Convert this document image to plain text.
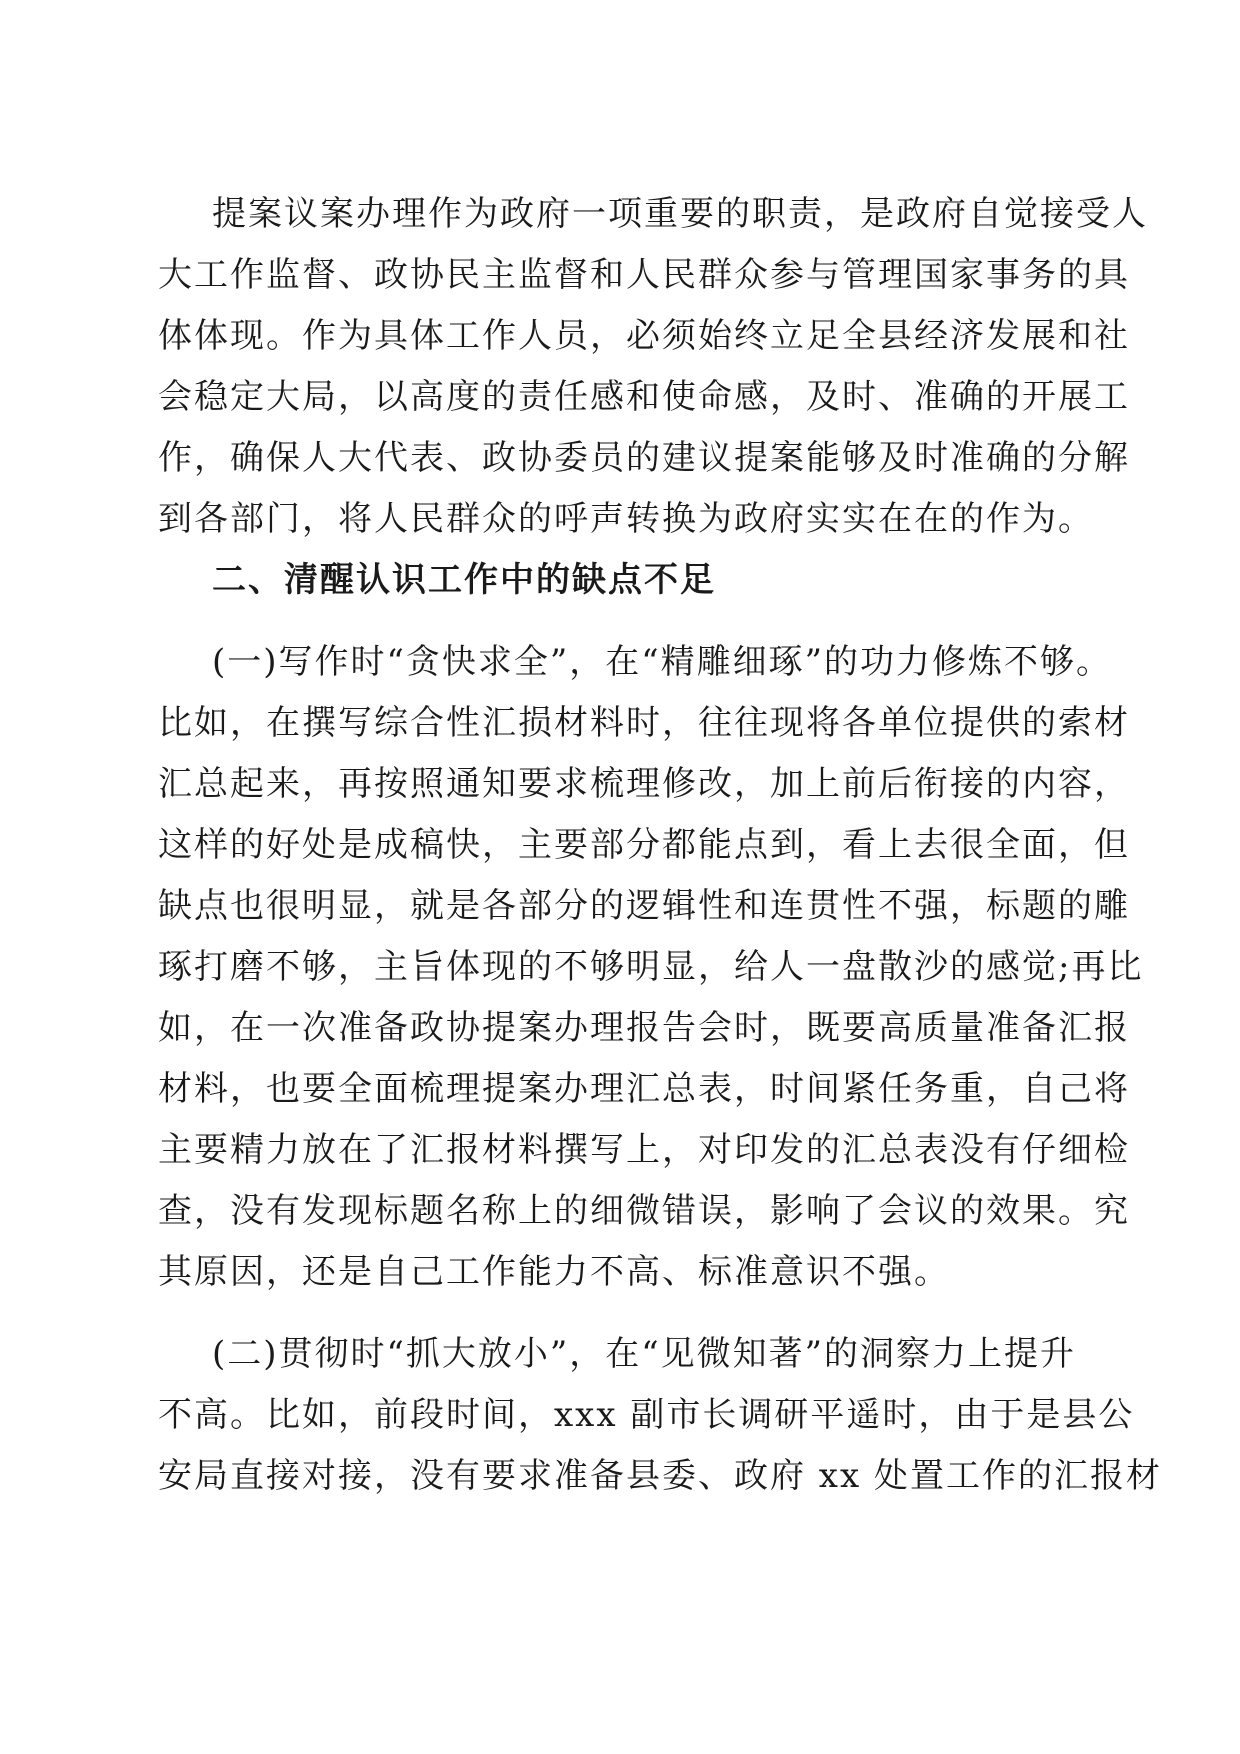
提案议案办理作为政府一项重要的职责，是政府自觉接受人
大工作监督、政协民主监督和人民群众参与管理国家事务的具
体体现。作为具体工作人员，必须始终立足全县经济发展和社
会稳定大局，以高度的责任感和使命感，及时、准确的开展工
作，确保人大代表、政协委员的建议提案能够及时准确的分解
到各部门，将人民群众的呼声转换为政府实实在在的作为。
二、清醒认识工作中的缺点不足
(一)写作时“贪快求全”，在“精雕细琢”的功力修炼不够。
比如，在撰写综合性汇损材料时，往往现将各单位提供的索材
汇总起来，再按照通知要求梳理修改，加上前后衔接的内容，
这样的好处是成稿快，主要部分都能点到，看上去很全面，但
缺点也很明显，就是各部分的逻辑性和连贯性不强，标题的雕
琢打磨不够，主旨体现的不够明显，给人一盘散沙的感觉;再比
如，在一次准备政协提案办理报告会时，既要高质量准备汇报
材料，也要全面梳理提案办理汇总表，时间紧任务重，自己将
主要精力放在了汇报材料撰写上，对印发的汇总表没有仔细检
查，没有发现标题名称上的细微错误，影响了会议的效果。究
其原因，还是自己工作能力不高、标准意识不强。
(二)贯彻时“抓大放小”，在“见微知著”的洞察力上提升
不高。比如，前段时间，xxx 副市长调研平遥时，由于是县公
安局直接对接，没有要求准备县委、政府 xx 处置工作的汇报材
